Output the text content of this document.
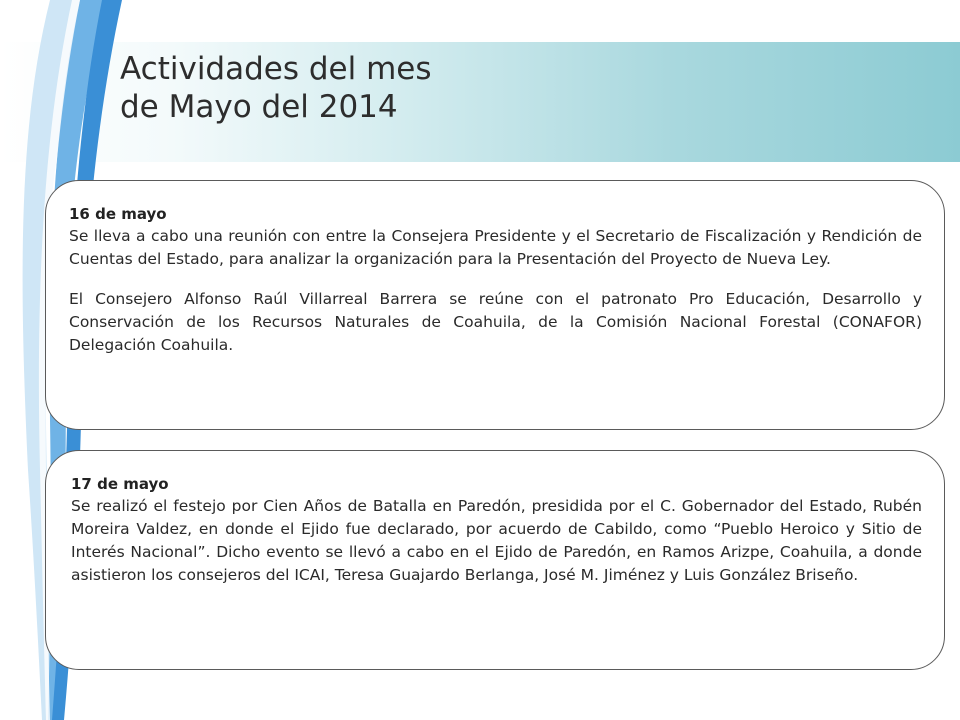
Actividades del mes
de Mayo del 2014

16 de mayo

Se lleva a cabo una reunión con entre la Consejera Presidente y el Secretario de Fiscalización y Rendición de Cuentas del Estado, para analizar la organización para la Presentación del Proyecto de Nueva Ley.

El Consejero Alfonso Raúl Villarreal Barrera se reúne con el patronato Pro Educación, Desarrollo y Conservación de los Recursos Naturales de Coahuila, de la Comisión Nacional Forestal (CONAFOR) Delegación Coahuila.

17 de mayo

Se realizó el festejo por Cien Años de Batalla en Paredón, presidida por el C. Gobernador del Estado, Rubén Moreira Valdez, en donde el Ejido fue declarado, por acuerdo de Cabildo, como “Pueblo Heroico y Sitio de Interés Nacional”. Dicho evento se llevó a cabo en el Ejido de Paredón, en Ramos Arizpe, Coahuila, a donde asistieron los consejeros del ICAI, Teresa Guajardo Berlanga, José M. Jiménez y Luis González Briseño.
